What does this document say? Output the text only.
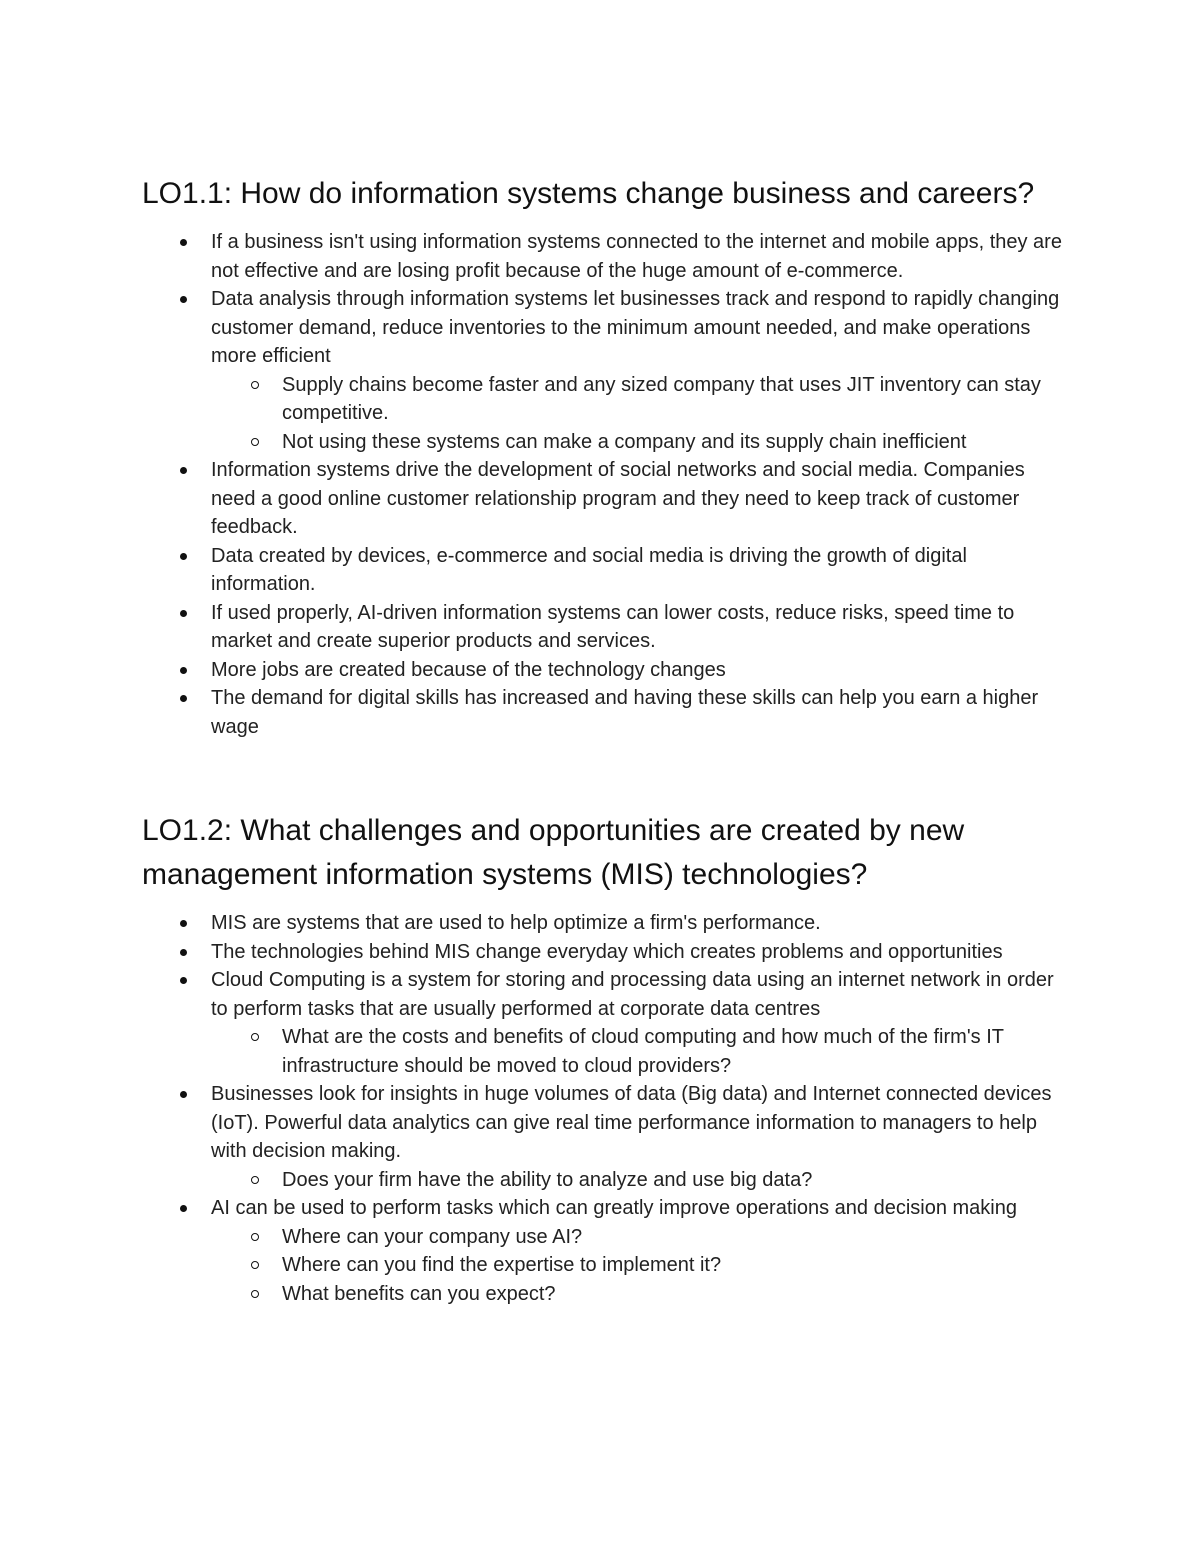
LO1.1: How do information systems change business and careers?
If a business isn't using information systems connected to the internet and mobile apps, they are not effective and are losing profit because of the huge amount of e-commerce.
Data analysis through information systems let businesses track and respond to rapidly changing customer demand, reduce inventories to the minimum amount needed, and make operations more efficient
Supply chains become faster and any sized company that uses JIT inventory can stay competitive.
Not using these systems can make a company and its supply chain inefficient
Information systems drive the development of social networks and social media. Companies need a good online customer relationship program and they need to keep track of customer feedback.
Data created by devices, e-commerce and social media is driving the growth of digital information.
If used properly, AI-driven information systems can lower costs, reduce risks, speed time to market and create superior products and services.
More jobs are created because of the technology changes
The demand for digital skills has increased and having these skills can help you earn a higher wage
LO1.2: What challenges and opportunities are created by new management information systems (MIS) technologies?
MIS are systems that are used to help optimize a firm's performance.
The technologies behind MIS change everyday which creates problems and opportunities
Cloud Computing is a system for storing and processing data using an internet network in order to perform tasks that are usually performed at corporate data centres
What are the costs and benefits of cloud computing and how much of the firm's IT infrastructure should be moved to cloud providers?
Businesses look for insights in huge volumes of data (Big data) and Internet connected devices (IoT). Powerful data analytics can give real time performance information to managers to help with decision making.
Does your firm have the ability to analyze and use big data?
AI can be used to perform tasks which can greatly improve operations and decision making
Where can your company use AI?
Where can you find the expertise to implement it?
What benefits can you expect?
